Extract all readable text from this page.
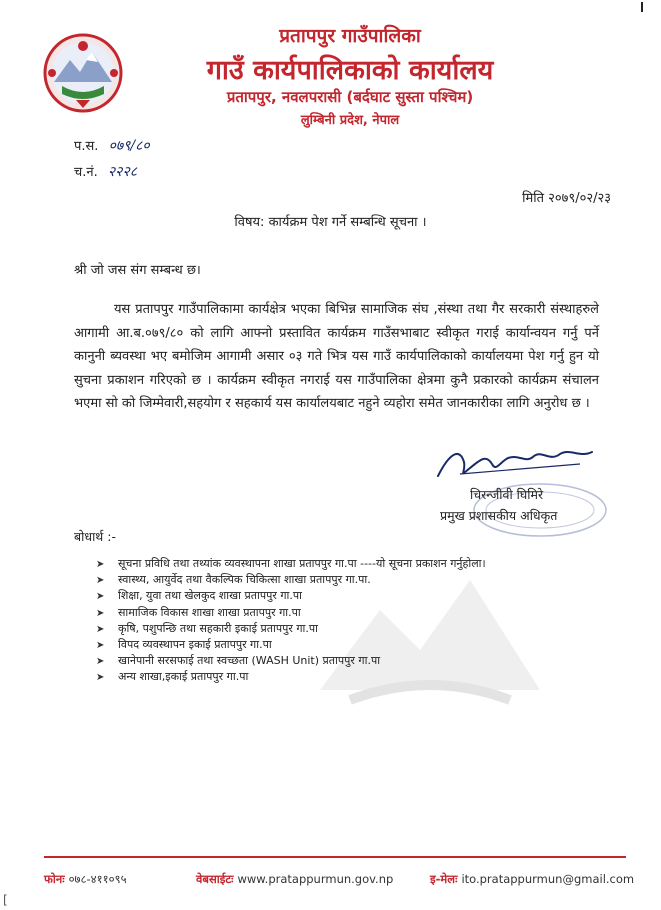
प्रतापपुर गाउँपालिका
गाउँ कार्यपालिकाको कार्यालय
प्रतापपुर, नवलपरासी (बर्दघाट सुस्ता पश्चिम)
लुम्बिनी प्रदेश, नेपाल
प.स. ०७९/८०
च.नं. २२२८
मिति २०७९/०२/२३
विषय: कार्यक्रम पेश गर्ने सम्बन्धि सूचना ।
श्री जो जस संग सम्बन्ध छ।
यस प्रतापपुर गाउँपालिकामा कार्यक्षेत्र भएका बिभिन्न सामाजिक संघ ,संस्था तथा गैर सरकारी संस्थाहरुले आगामी आ.ब.०७९/८० को लागि आफ्नो प्रस्तावित कार्यक्रम गाउँसभाबाट स्वीकृत गराई कार्यान्वयन गर्नु पर्ने कानुनी ब्यवस्था भए बमोजिम आगामी असार ०३ गते भित्र यस गाउँ कार्यपालिकाको कार्यालयमा पेश गर्नु हुन यो सुचना प्रकाशन गरिएको छ । कार्यक्रम स्वीकृत नगराई यस गाउँपालिका क्षेत्रमा कुनै प्रकारको कार्यक्रम संचालन भएमा सो को जिम्मेवारी,सहयोग र सहकार्य यस कार्यालयबाट नहुने व्यहोरा समेत जानकारीका लागि अनुरोध छ ।
चिरन्जीवी घिमिरे
प्रमुख प्रशासकीय अधिकृत
बोधार्थ :-
➤ सूचना प्रविधि तथा तथ्यांक व्यवस्थापना शाखा प्रतापपुर गा.पा ----यो सूचना प्रकाशन गर्नुहोला।
➤ स्वास्थ्य, आयुर्वेद तथा वैकल्पिक चिकित्सा शाखा प्रतापपुर गा.पा.
➤ शिक्षा, युवा तथा खेलकुद शाखा प्रतापपुर गा.पा
➤ सामाजिक विकास शाखा शाखा प्रतापपुर गा.पा
➤ कृषि, पशुपन्छि तथा सहकारी इकाई प्रतापपुर गा.पा
➤ विपद व्यवस्थापन इकाई प्रतापपुर गा.पा
➤ खानेपानी सरसफाई तथा स्वच्छता (WASH Unit) प्रतापपुर गा.पा
➤ अन्य शाखा,इकाई प्रतापपुर गा.पा
फोनः ०७८-४११०९५	वेबसाईटः www.pratappurmun.gov.np	इ-मेलः ito.pratappurmun@gmail.com
[
